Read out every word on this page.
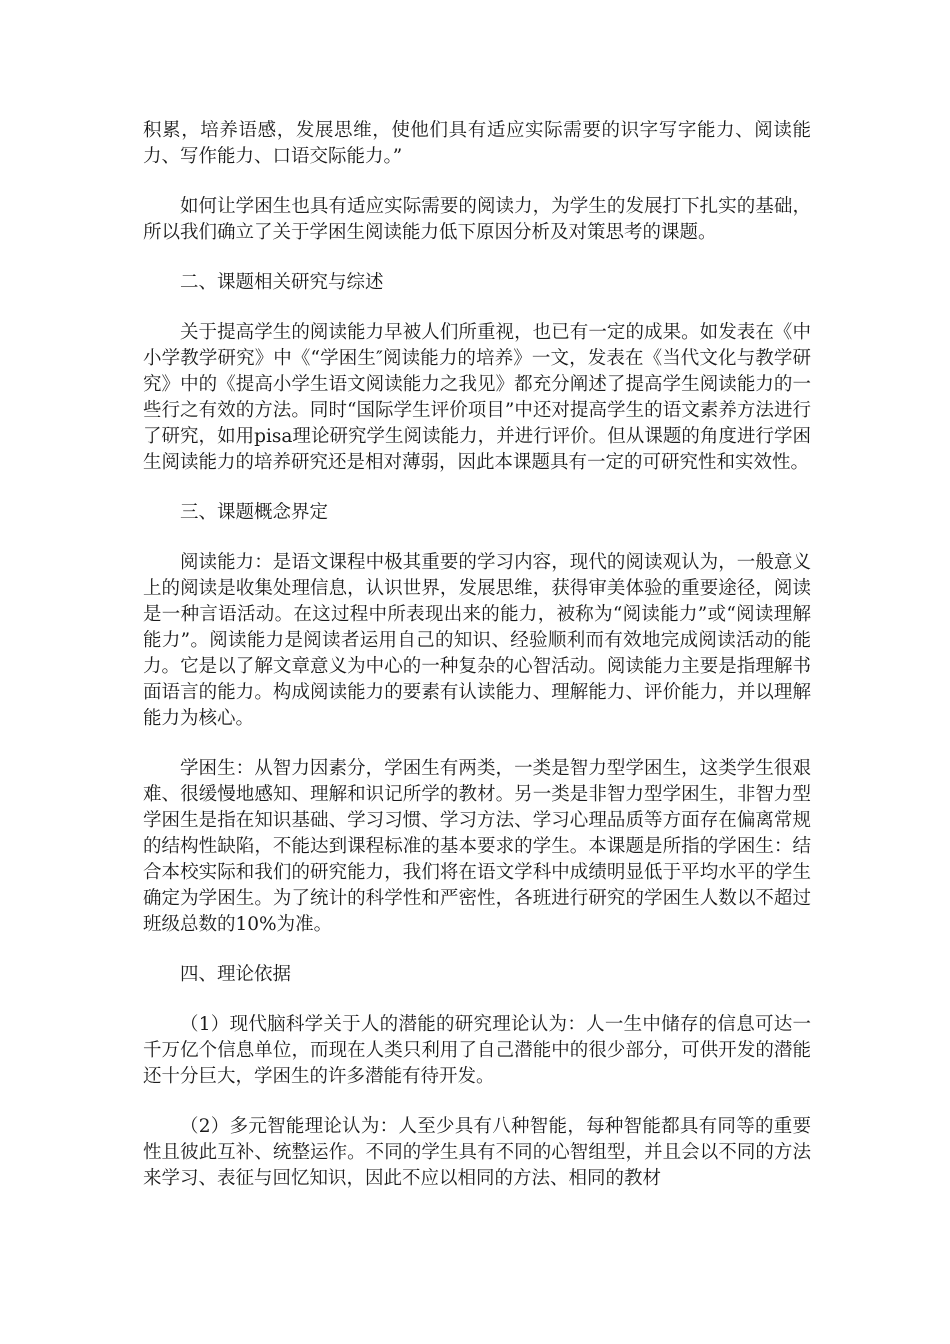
积累，培养语感，发展思维，使他们具有适应实际需要的识字写字能力、阅读能力、写作能力、口语交际能力。”

如何让学困生也具有适应实际需要的阅读力，为学生的发展打下扎实的基础，所以我们确立了关于学困生阅读能力低下原因分析及对策思考的课题。

二、课题相关研究与综述

关于提高学生的阅读能力早被人们所重视，也已有一定的成果。如发表在《中小学教学研究》中《“学困生″阅读能力的培养》一文，发表在《当代文化与教学研究》中的《提高小学生语文阅读能力之我见》都充分阐述了提高学生阅读能力的一些行之有效的方法。同时“国际学生评价项目”中还对提高学生的语文素养方法进行了研究，如用pisa理论研究学生阅读能力，并进行评价。但从课题的角度进行学困生阅读能力的培养研究还是相对薄弱，因此本课题具有一定的可研究性和实效性。

三、课题概念界定

阅读能力：是语文课程中极其重要的学习内容，现代的阅读观认为，一般意义上的阅读是收集处理信息，认识世界，发展思维，获得审美体验的重要途径，阅读是一种言语活动。在这过程中所表现出来的能力，被称为“阅读能力”或“阅读理解能力”。阅读能力是阅读者运用自己的知识、经验顺利而有效地完成阅读活动的能力。它是以了解文章意义为中心的一种复杂的心智活动。阅读能力主要是指理解书面语言的能力。构成阅读能力的要素有认读能力、理解能力、评价能力，并以理解能力为核心。

学困生：从智力因素分，学困生有两类，一类是智力型学困生，这类学生很艰难、很缓慢地感知、理解和识记所学的教材。另一类是非智力型学困生，非智力型学困生是指在知识基础、学习习惯、学习方法、学习心理品质等方面存在偏离常规的结构性缺陷，不能达到课程标准的基本要求的学生。本课题是所指的学困生：结合本校实际和我们的研究能力，我们将在语文学科中成绩明显低于平均水平的学生确定为学困生。为了统计的科学性和严密性，各班进行研究的学困生人数以不超过班级总数的10%为准。

四、理论依据

（1）现代脑科学关于人的潜能的研究理论认为：人一生中储存的信息可达一千万亿个信息单位，而现在人类只利用了自己潜能中的很少部分，可供开发的潜能还十分巨大，学困生的许多潜能有待开发。

（2）多元智能理论认为：人至少具有八种智能，每种智能都具有同等的重要性且彼此互补、统整运作。不同的学生具有不同的心智组型，并且会以不同的方法来学习、表征与回忆知识，因此不应以相同的方法、相同的教材
